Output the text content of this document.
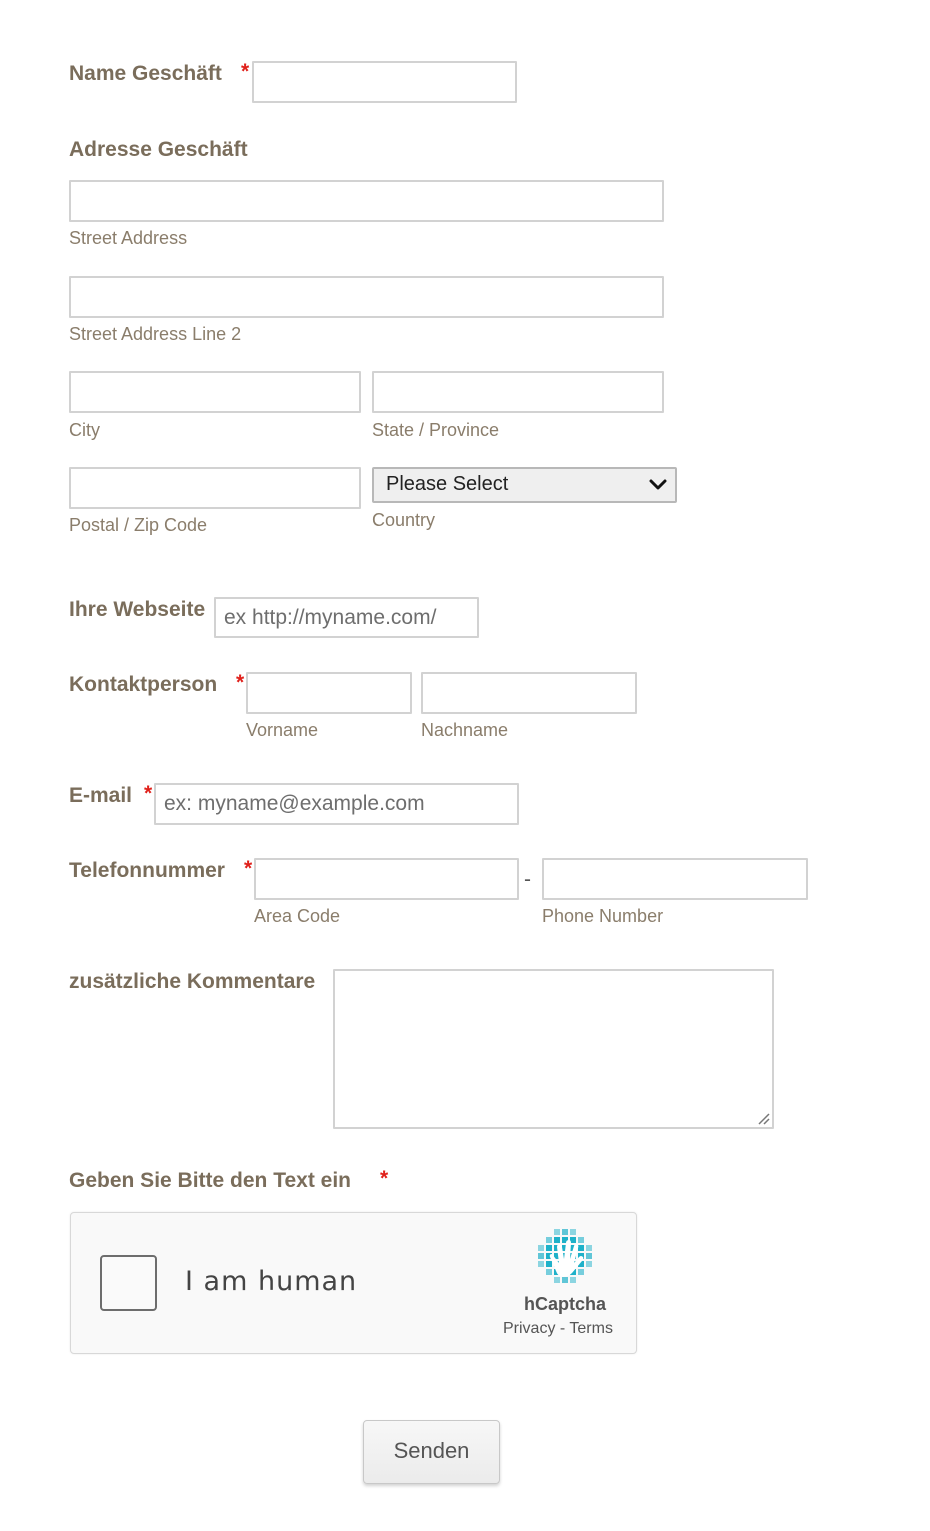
Name Geschäft *
Adresse Geschäft
Street Address
Street Address Line 2
City	State / Province
Postal / Zip Code
Please Select
Country
Ihre Webseite ex http://myname.com/
Kontaktperson *
Vorname	Nachname
E-mail * ex: myname@example.com
Telefonnummer *
Area Code
-
Phone Number
zusätzliche Kommentare
Geben Sie Bitte den Text ein *
I am human
hCaptcha
Privacy - Terms
Senden
